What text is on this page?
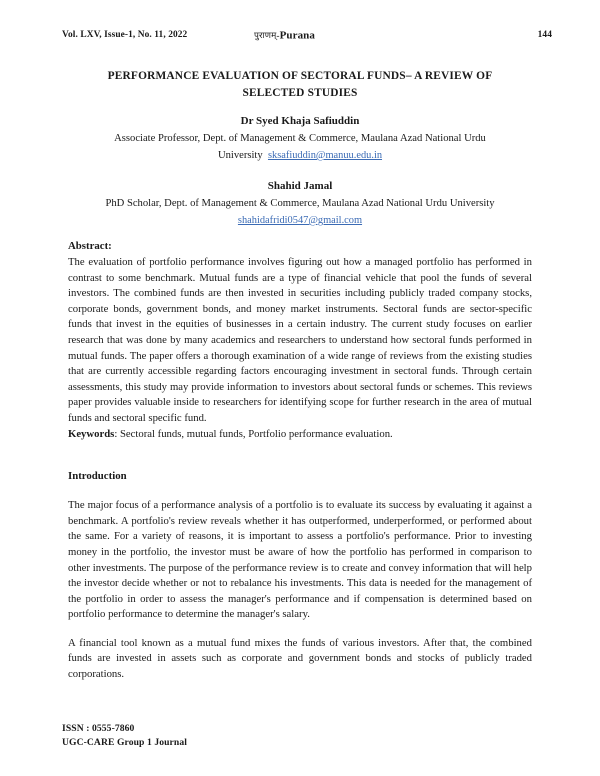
Vol. LXV, Issue-1, No. 11, 2022	पुराणम्-Purana	144
PERFORMANCE EVALUATION OF SECTORAL FUNDS– A REVIEW OF
SELECTED STUDIES
Dr Syed Khaja Safiuddin
Associate Professor, Dept. of Management & Commerce, Maulana Azad National Urdu
University sksafiuddin@manuu.edu.in
Shahid Jamal
PhD Scholar, Dept. of Management & Commerce, Maulana Azad National Urdu University
shahidafridi0547@gmail.com
Abstract:

The evaluation of portfolio performance involves figuring out how a managed portfolio has performed in contrast to some benchmark. Mutual funds are a type of financial vehicle that pool the funds of several investors. The combined funds are then invested in securities including publicly traded company stocks, corporate bonds, government bonds, and money market instruments. Sectoral funds are sector-specific funds that invest in the equities of businesses in a certain industry. The current study focuses on earlier research that was done by many academics and researchers to understand how sectoral funds performed in mutual funds. The paper offers a thorough examination of a wide range of reviews from the existing studies that are currently accessible regarding factors encouraging investment in sectoral funds. Through certain assessments, this study may provide information to investors about sectoral funds or schemes. This reviews paper provides valuable inside to researchers for identifying scope for further research in the area of mutual funds and sectoral specific fund.

Keywords: Sectoral funds, mutual funds, Portfolio performance evaluation.

Introduction

The major focus of a performance analysis of a portfolio is to evaluate its success by evaluating it against a benchmark. A portfolio's review reveals whether it has outperformed, underperformed, or performed about the same. For a variety of reasons, it is important to assess a portfolio's performance. Prior to investing money in the portfolio, the investor must be aware of how the portfolio has performed in comparison to other investments. The purpose of the performance review is to create and convey information that will help the investor decide whether or not to rebalance his investments. This data is needed for the management of the portfolio in order to assess the manager's performance and if compensation is determined based on portfolio performance to determine the manager's salary.

A financial tool known as a mutual fund mixes the funds of various investors. After that, the combined funds are invested in assets such as corporate and government bonds and stocks of publicly traded corporations.

ISSN : 0555-7860
UGC-CARE Group 1 Journal
